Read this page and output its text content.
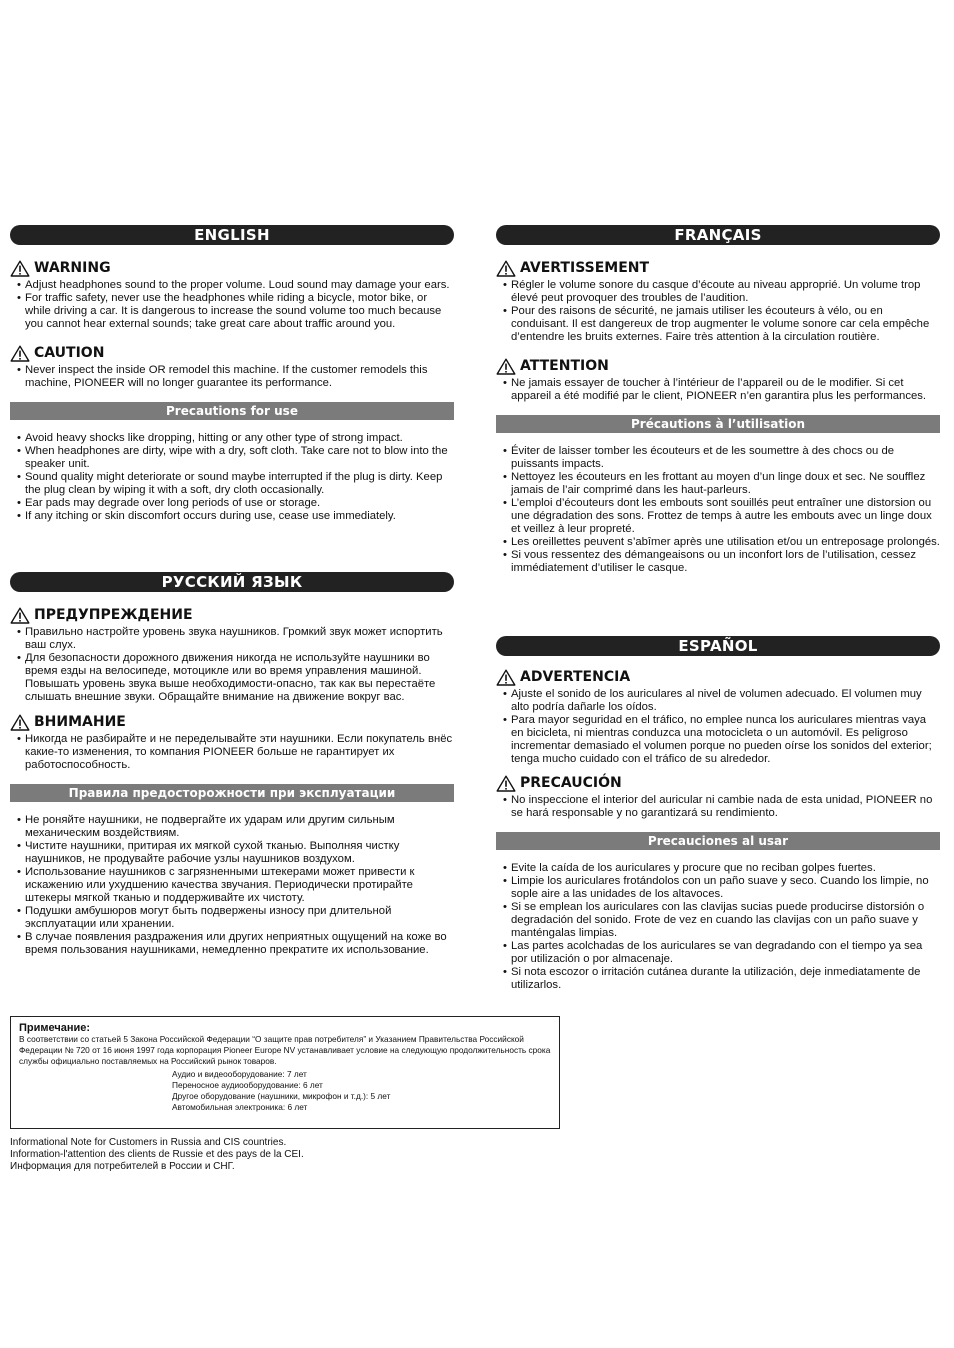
ENGLISH
WARNING
• Adjust headphones sound to the proper volume. Loud sound may damage your ears.
• For traffic safety, never use the headphones while riding a bicycle, motor bike, or while driving a car. It is dangerous to increase the sound volume too much because you cannot hear external sounds; take great care about traffic around you.
CAUTION
• Never inspect the inside OR remodel this machine. If the customer remodels this machine, PIONEER will no longer guarantee its performance.
Precautions for use
• Avoid heavy shocks like dropping, hitting or any other type of strong impact.
• When headphones are dirty, wipe with a dry, soft cloth. Take care not to blow into the speaker unit.
• Sound quality might deteriorate or sound maybe interrupted if the plug is dirty. Keep the plug clean by wiping it with a soft, dry cloth occasionally.
• Ear pads may degrade over long periods of use or storage.
• If any itching or skin discomfort occurs during use, cease use immediately.
РУССКИЙ ЯЗЫК
ПРЕДУПРЕЖДЕНИЕ
• Правильно настройте уровень звука наушников. Громкий звук может испортить ваш слух.
• Для безопасности дорожного движения никогда не используйте наушники во время езды на велосипеде, мотоцикле или во время управления машиной. Повышать уровень звука выше необходимости-опасно, так как вы перестаёте слышать внешние звуки. Обращайте внимание на движение вокруг вас.
ВНИМАНИЕ
• Никогда не разбирайте и не переделывайте эти наушники. Если покупатель внёс какие-то изменения, то компания PIONEER больше не гарантирует их работоспособность.
Правила предосторожности при эксплуатации
• Не роняйте наушники, не подвергайте их ударам или другим сильным механическим воздействиям.
• Чистите наушники, притирая их мягкой сухой тканью. Выполняя чистку наушников, не продувайте рабочие узлы наушников воздухом.
• Использование наушников с загрязненными штекерами может привести к искажению или ухудшению качества звучания. Периодически протирайте штекеры мягкой тканью и поддерживайте их чистоту.
• Подушки амбушюров могут быть подвержены износу при длительной эксплуатации или хранении.
• В случае появления раздражения или других неприятных ощущений на коже во время пользования наушниками, немедленно прекратите их использование.
FRANÇAIS
AVERTISSEMENT
• Régler le volume sonore du casque d’écoute au niveau approprié. Un volume trop élevé peut provoquer des troubles de l’audition.
• Pour des raisons de sécurité, ne jamais utiliser les écouteurs à vélo, ou en conduisant. Il est dangereux de trop augmenter le volume sonore car cela empêche d’entendre les bruits externes. Faire très attention à la circulation routière.
ATTENTION
• Ne jamais essayer de toucher à l’intérieur de l’appareil ou de le modifier. Si cet appareil a été modifié par le client, PIONEER n’en garantira plus les performances.
Précautions à l’utilisation
• Éviter de laisser tomber les écouteurs et de les soumettre à des chocs ou de puissants impacts.
• Nettoyez les écouteurs en les frottant au moyen d’un linge doux et sec. Ne soufflez jamais de l’air comprimé dans les haut-parleurs.
• L’emploi d’écouteurs dont les embouts sont souillés peut entraîner une distorsion ou une dégradation des sons. Frottez de temps à autre les embouts avec un linge doux et veillez à leur propreté.
• Les oreillettes peuvent s’abîmer après une utilisation et/ou un entreposage prolongés.
• Si vous ressentez des démangeaisons ou un inconfort lors de l’utilisation, cessez immédiatement d’utiliser le casque.
ESPAÑOL
ADVERTENCIA
• Ajuste el sonido de los auriculares al nivel de volumen adecuado. El volumen muy alto podría dañarle los oídos.
• Para mayor seguridad en el tráfico, no emplee nunca los auriculares mientras vaya en bicicleta, ni mientras conduzca una motocicleta o un automóvil. Es peligroso incrementar demasiado el volumen porque no pueden oírse los sonidos del exterior; tenga mucho cuidado con el tráfico de su alrededor.
PRECAUCIÓN
• No inspeccione el interior del auricular ni cambie nada de esta unidad, PIONEER no se hará responsable y no garantizará su rendimiento.
Precauciones al usar
• Evite la caída de los auriculares y procure que no reciban golpes fuertes.
• Limpie los auriculares frotándolos con un paño suave y seco. Cuando los limpie, no sople aire a las unidades de los altavoces.
• Si se emplean los auriculares con las clavijas sucias puede producirse distorsión o degradación del sonido. Frote de vez en cuando las clavijas con un paño suave y manténgalas limpias.
• Las partes acolchadas de los auriculares se van degradando con el tiempo ya sea por utilización o por almacenaje.
• Si nota escozor o irritación cutánea durante la utilización, deje inmediatamente de utilizarlos.
Примечание:
В соответствии со статьей 5 Закона Российской Федерации “О защите прав потребителя” и Указанием Правительства Российской Федерации № 720 от 16 июня 1997 года корпорация Pioneer Europe NV устанавливает условие на следующую продолжительность срока службы официально поставляемых на Российский рынок товаров.
Аудио и видеооборудование: 7 лет
Переносное аудиооборудование: 6 лет
Другое оборудование (наушники, микрофон и т.д.): 5 лет
Автомобильная электроника: 6 лет
Informational Note for Customers in Russia and CIS countries.
Information-l'attention des clients de Russie et des pays de la CEI.
Информация для потребителей в России и СНГ.
